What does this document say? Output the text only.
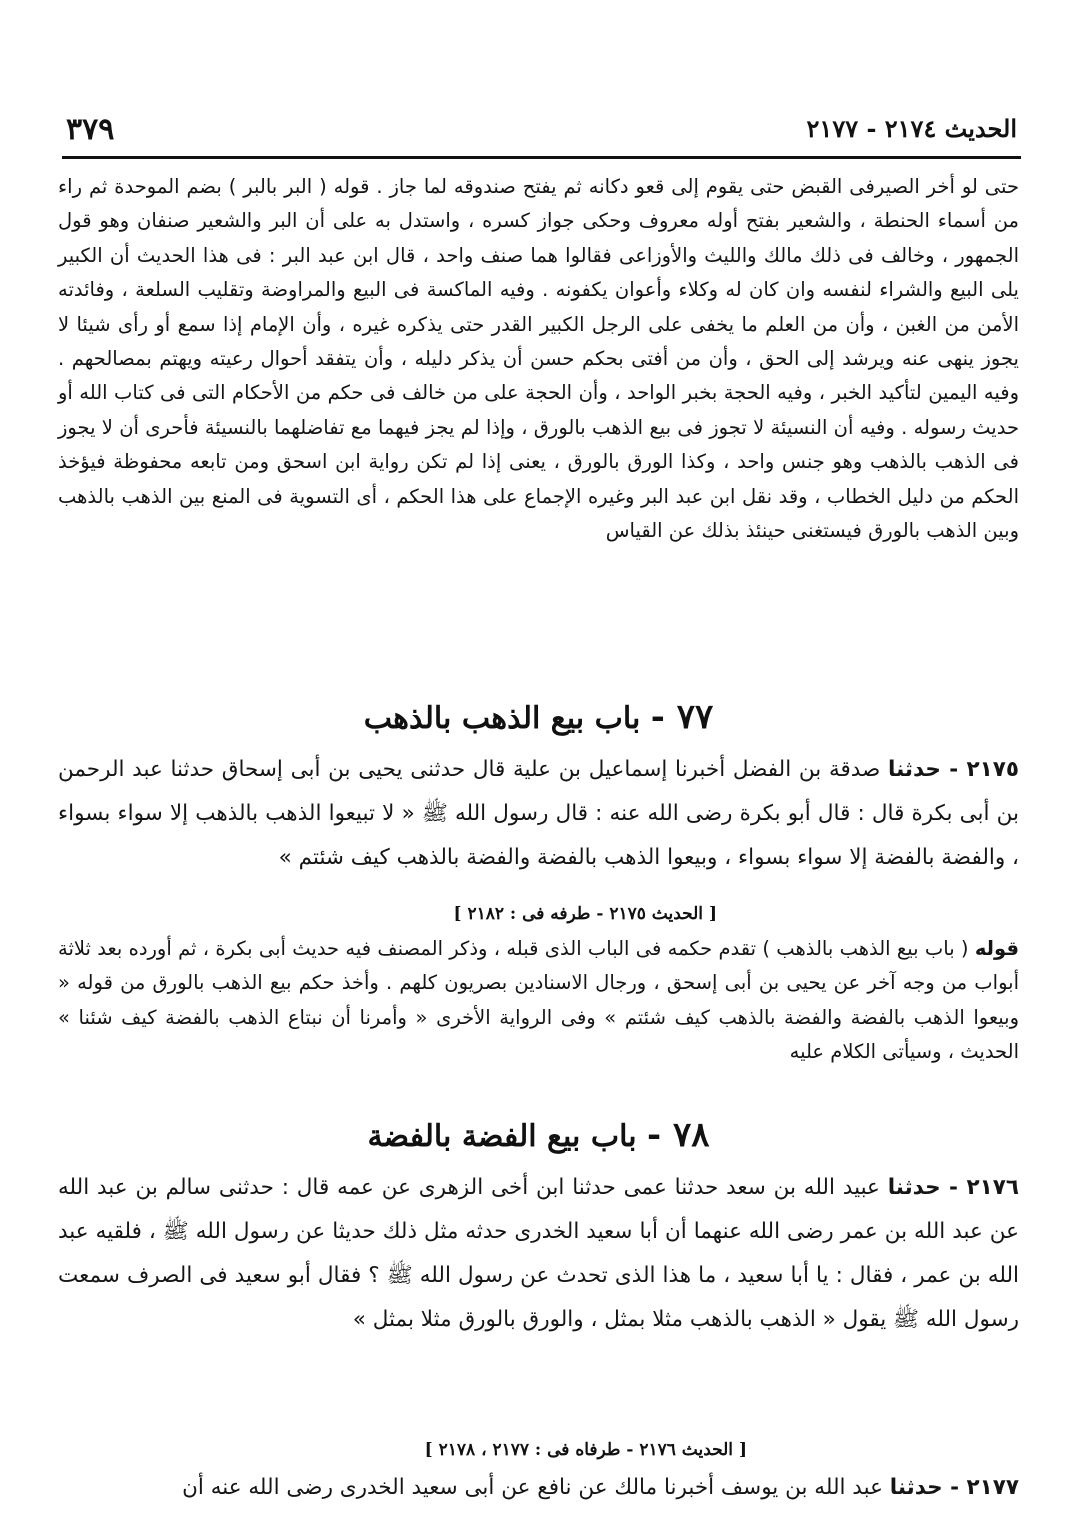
الحديث ٢١٧٤ - ٢١٧٧
٣٧٩
حتى لو أخر الصيرفى القبض حتى يقوم إلى قعو دكانه ثم يفتح صندوقه لما جاز . قوله ( البر بالبر ) بضم الموحدة ثم راء من أسماء الحنطة ، والشعير بفتح أوله معروف وحكى جواز كسره ، واستدل به على أن البر والشعير صنفان وهو قول الجمهور ، وخالف فى ذلك مالك والليث والأوزاعى فقالوا هما صنف واحد ، قال ابن عبد البر : فى هذا الحديث أن الكبير يلى البيع والشراء لنفسه وان كان له وكلاء وأعوان يكفونه . وفيه الماكسة فى البيع والمراوضة وتقليب السلعة ، وفائدته الأمن من الغبن ، وأن من العلم ما يخفى على الرجل الكبير القدر حتى يذكره غيره ، وأن الإمام إذا سمع أو رأى شيئا لا يجوز ينهى عنه ويرشد إلى الحق ، وأن من أفتى بحكم حسن أن يذكر دليله ، وأن يتفقد أحوال رعيته ويهتم بمصالحهم . وفيه اليمين لتأكيد الخبر ، وفيه الحجة بخبر الواحد ، وأن الحجة على من خالف فى حكم من الأحكام التى فى كتاب الله أو حديث رسوله . وفيه أن النسيئة لا تجوز فى بيع الذهب بالورق ، وإذا لم يجز فيهما مع تفاضلهما بالنسيئة فأحرى أن لا يجوز فى الذهب بالذهب وهو جنس واحد ، وكذا الورق بالورق ، يعنى إذا لم تكن رواية ابن اسحق ومن تابعه محفوظة فيؤخذ الحكم من دليل الخطاب ، وقد نقل ابن عبد البر وغيره الإجماع على هذا الحكم ، أى التسوية فى المنع بين الذهب بالذهب وبين الذهب بالورق فيستغنى حينئذ بذلك عن القياس
٧٧ - باب بيع الذهب بالذهب
٢١٧٥ - حدثنا صدقة بن الفضل أخبرنا إسماعيل بن علية قال حدثنى يحيى بن أبى إسحاق حدثنا عبد الرحمن بن أبى بكرة قال : قال أبو بكرة رضى الله عنه : قال رسول الله ﷺ « لا تبيعوا الذهب بالذهب إلا سواء بسواء ، والفضة بالفضة إلا سواء بسواء ، وبيعوا الذهب بالفضة والفضة بالذهب كيف شئتم »
[ الحديث ٢١٧٥ - طرفه فى : ٢١٨٢ ]
قوله ( باب بيع الذهب بالذهب ) تقدم حكمه فى الباب الذى قبله ، وذكر المصنف فيه حديث أبى بكرة ، ثم أورده بعد ثلاثة أبواب من وجه آخر عن يحيى بن أبى إسحق ، ورجال الاسنادين بصريون كلهم . وأخذ حكم بيع الذهب بالورق من قوله « وبيعوا الذهب بالفضة والفضة بالذهب كيف شئتم » وفى الرواية الأخرى « وأمرنا أن نبتاع الذهب بالفضة كيف شئنا » الحديث ، وسيأتى الكلام عليه
٧٨ - باب بيع الفضة بالفضة
٢١٧٦ - حدثنا عبيد الله بن سعد حدثنا عمى حدثنا ابن أخى الزهرى عن عمه قال : حدثنى سالم بن عبد الله عن عبد الله بن عمر رضى الله عنهما أن أبا سعيد الخدرى حدثه مثل ذلك حديثا عن رسول الله ﷺ ، فلقيه عبد الله بن عمر ، فقال : يا أبا سعيد ، ما هذا الذى تحدث عن رسول الله ﷺ ؟ فقال أبو سعيد فى الصرف سمعت رسول الله ﷺ يقول « الذهب بالذهب مثلا بمثل ، والورق بالورق مثلا بمثل »
[ الحديث ٢١٧٦ - طرفاه فى : ٢١٧٧ ، ٢١٧٨ ]
٢١٧٧ - حدثنا عبد الله بن يوسف أخبرنا مالك عن نافع عن أبى سعيد الخدرى رضى الله عنه أن
